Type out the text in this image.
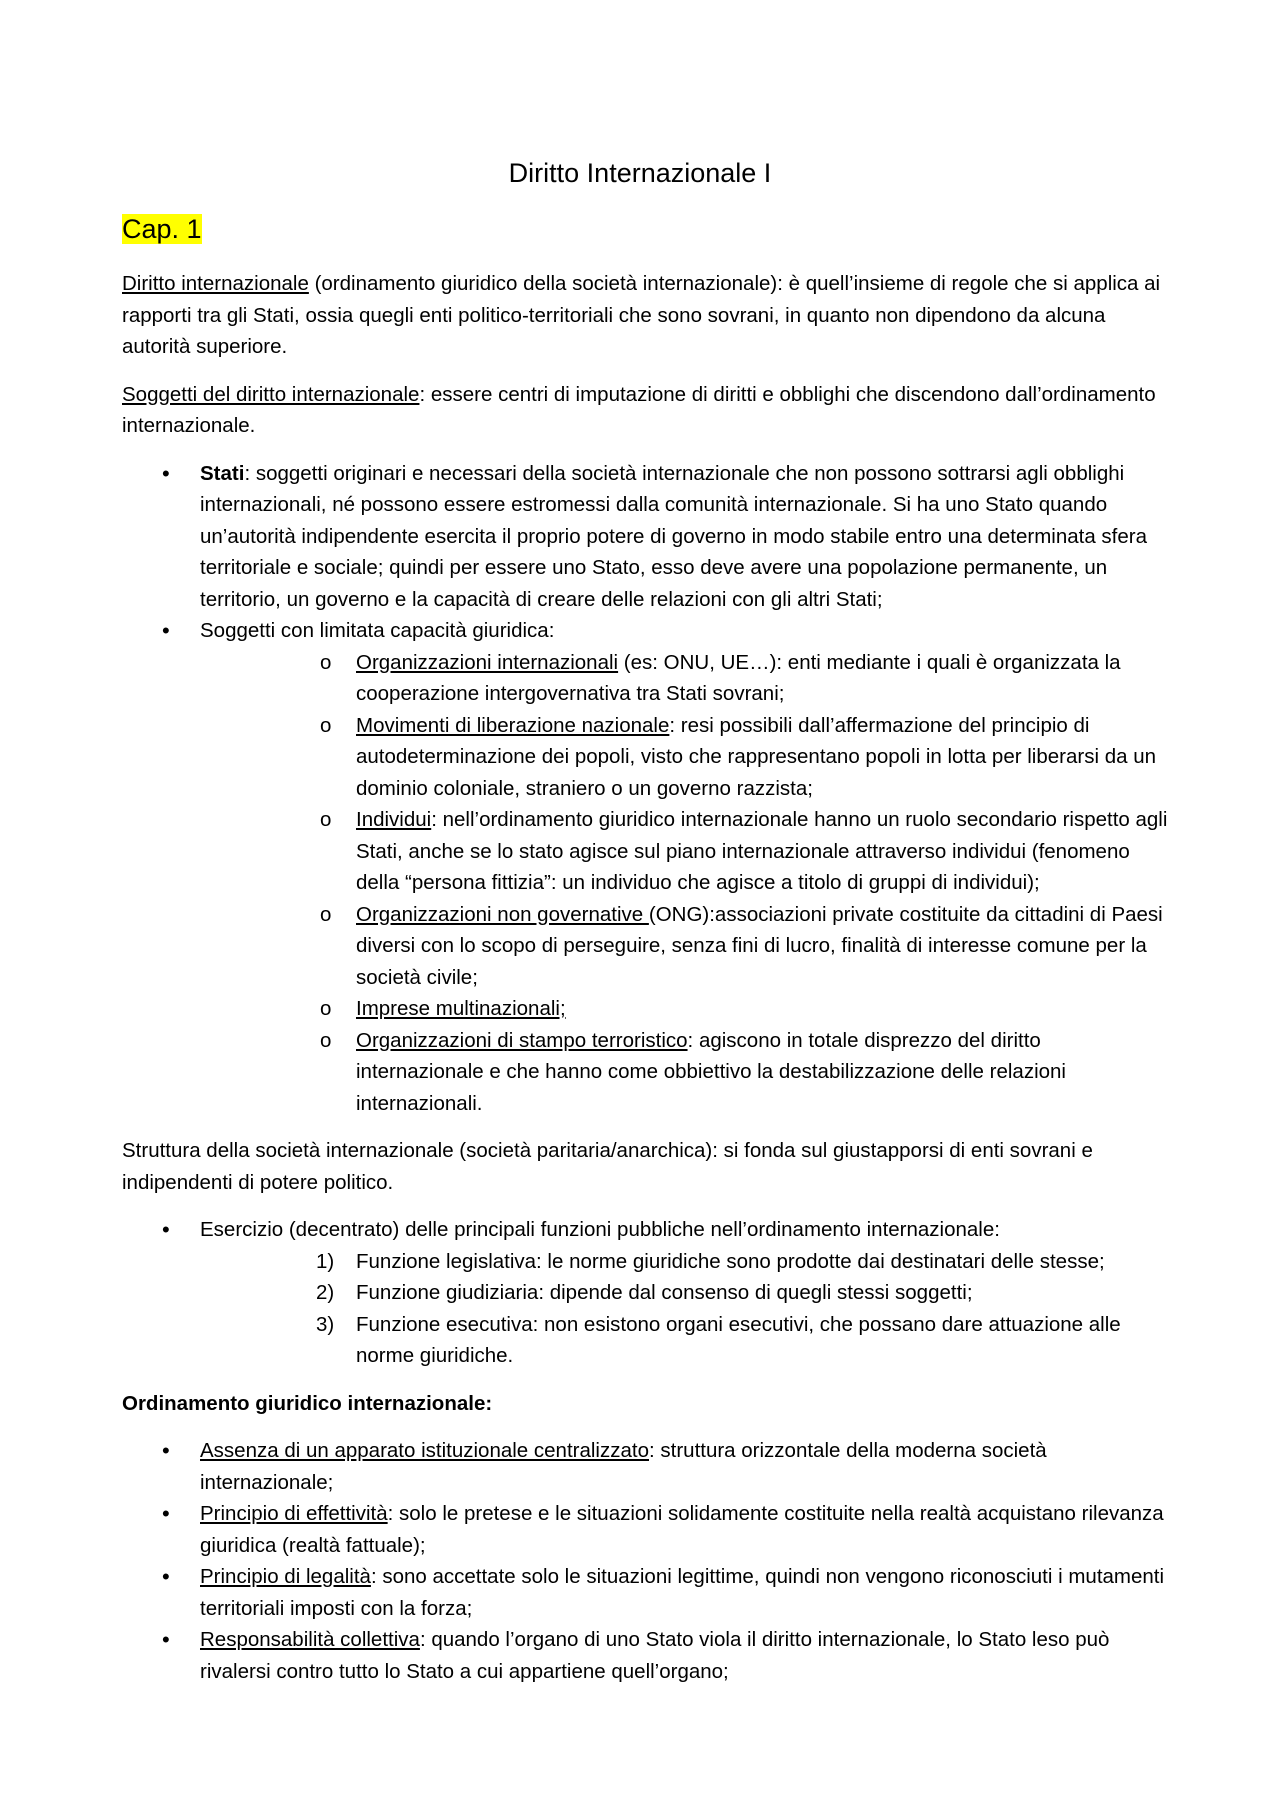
Diritto Internazionale I
Cap. 1

Diritto internazionale (ordinamento giuridico della società internazionale): è quell’insieme di regole che si applica ai rapporti tra gli Stati, ossia quegli enti politico-territoriali che sono sovrani, in quanto non dipendono da alcuna autorità superiore.

Soggetti del diritto internazionale: essere centri di imputazione di diritti e obblighi che discendono dall’ordinamento internazionale.

• Stati: soggetti originari e necessari della società internazionale che non possono sottrarsi agli obblighi internazionali, né possono essere estromessi dalla comunità internazionale. Si ha uno Stato quando un’autorità indipendente esercita il proprio potere di governo in modo stabile entro una determinata sfera territoriale e sociale; quindi per essere uno Stato, esso deve avere una popolazione permanente, un territorio, un governo e la capacità di creare delle relazioni con gli altri Stati;
• Soggetti con limitata capacità giuridica:
o Organizzazioni internazionali (es: ONU, UE…): enti mediante i quali è organizzata la cooperazione intergovernativa tra Stati sovrani;
o Movimenti di liberazione nazionale: resi possibili dall’affermazione del principio di autodeterminazione dei popoli, visto che rappresentano popoli in lotta per liberarsi da un dominio coloniale, straniero o un governo razzista;
o Individui: nell’ordinamento giuridico internazionale hanno un ruolo secondario rispetto agli Stati, anche se lo stato agisce sul piano internazionale attraverso individui (fenomeno della “persona fittizia”: un individuo che agisce a titolo di gruppi di individui);
o Organizzazioni non governative (ONG):associazioni private costituite da cittadini di Paesi diversi con lo scopo di perseguire, senza fini di lucro, finalità di interesse comune per la società civile;
o Imprese multinazionali;
o Organizzazioni di stampo terroristico: agiscono in totale disprezzo del diritto internazionale e che hanno come obbiettivo la destabilizzazione delle relazioni internazionali.

Struttura della società internazionale (società paritaria/anarchica): si fonda sul giustapporsi di enti sovrani e indipendenti di potere politico.

• Esercizio (decentrato) delle principali funzioni pubbliche nell’ordinamento internazionale:
1) Funzione legislativa: le norme giuridiche sono prodotte dai destinatari delle stesse;
2) Funzione giudiziaria: dipende dal consenso di quegli stessi soggetti;
3) Funzione esecutiva: non esistono organi esecutivi, che possano dare attuazione alle norme giuridiche.

Ordinamento giuridico internazionale:

• Assenza di un apparato istituzionale centralizzato: struttura orizzontale della moderna società internazionale;
• Principio di effettività: solo le pretese e le situazioni solidamente costituite nella realtà acquistano rilevanza giuridica (realtà fattuale);
• Principio di legalità: sono accettate solo le situazioni legittime, quindi non vengono riconosciuti i mutamenti territoriali imposti con la forza;
• Responsabilità collettiva: quando l’organo di uno Stato viola il diritto internazionale, lo Stato leso può rivalersi contro tutto lo Stato a cui appartiene quell’organo;
